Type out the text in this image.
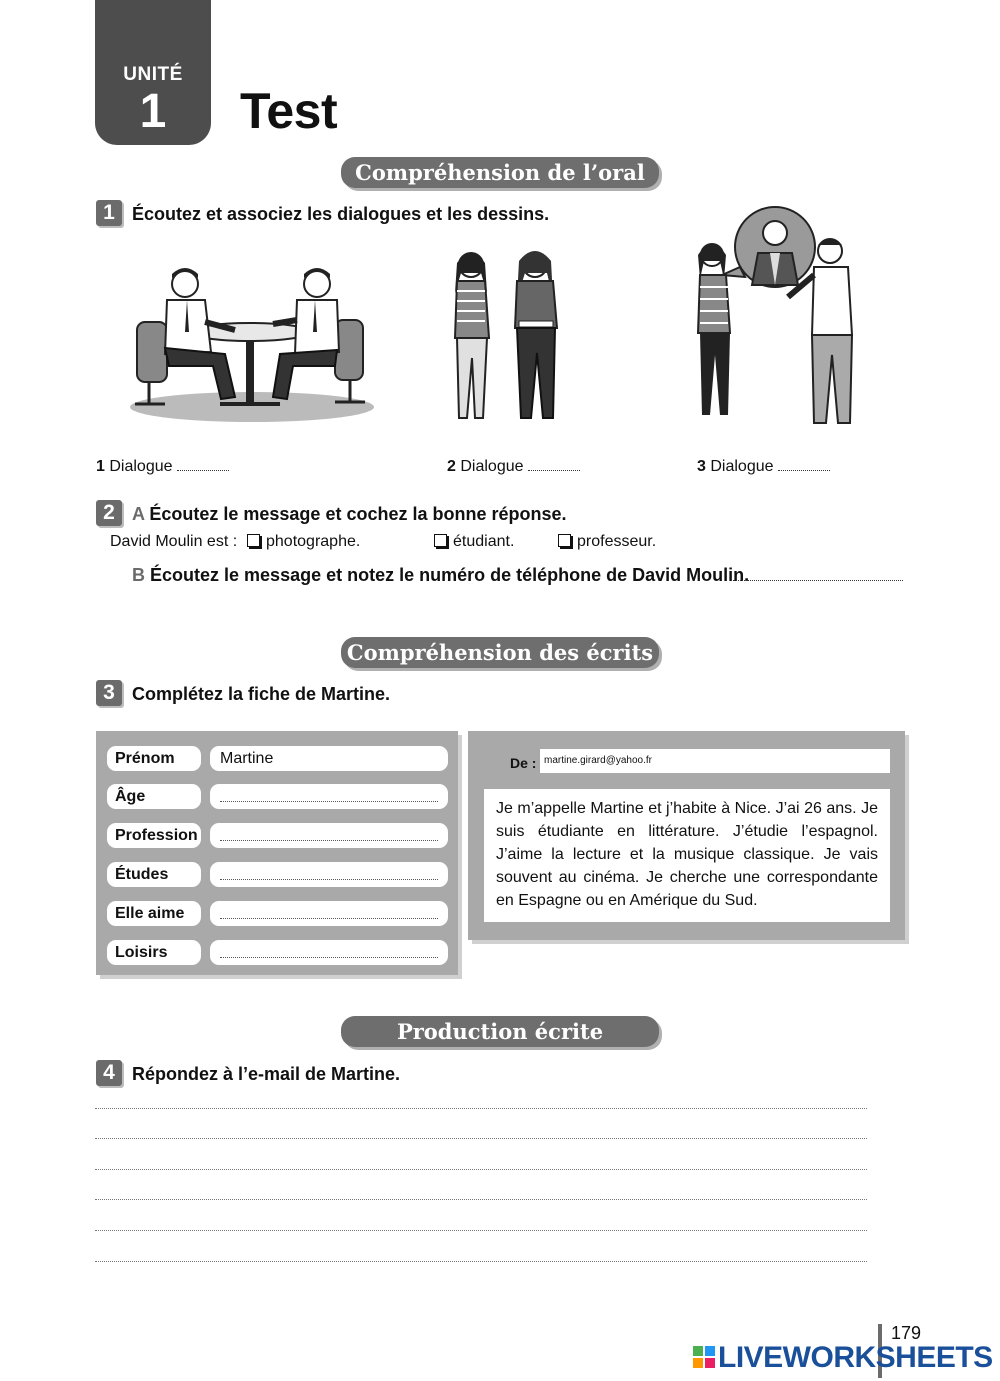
UNITÉ
1	Test
Compréhension de l’oral
1 Écoutez et associez les dialogues et les dessins.
1 Dialogue	2 Dialogue	3 Dialogue
2 A Écoutez le message et cochez la bonne réponse.
David Moulin est :	photographe.	étudiant.	professeur.
B Écoutez le message et notez le numéro de téléphone de David Moulin.
Compréhension des écrits
3 Complétez la fiche de Martine.
Prénom	Martine
Âge
Profession
Études
Elle aime
Loisirs
De : martine.girard@yahoo.fr
Je m’appelle Martine et j’habite à Nice. J’ai 26 ans. Je suis étudiante en littérature. J’étudie l’espagnol. J’aime la lecture et la musique classique. Je vais souvent au cinéma. Je cherche une correspondante en Espagne ou en Amérique du Sud.
Production écrite
4 Répondez à l’e-mail de Martine.
179
LIVEWORKSHEETS
